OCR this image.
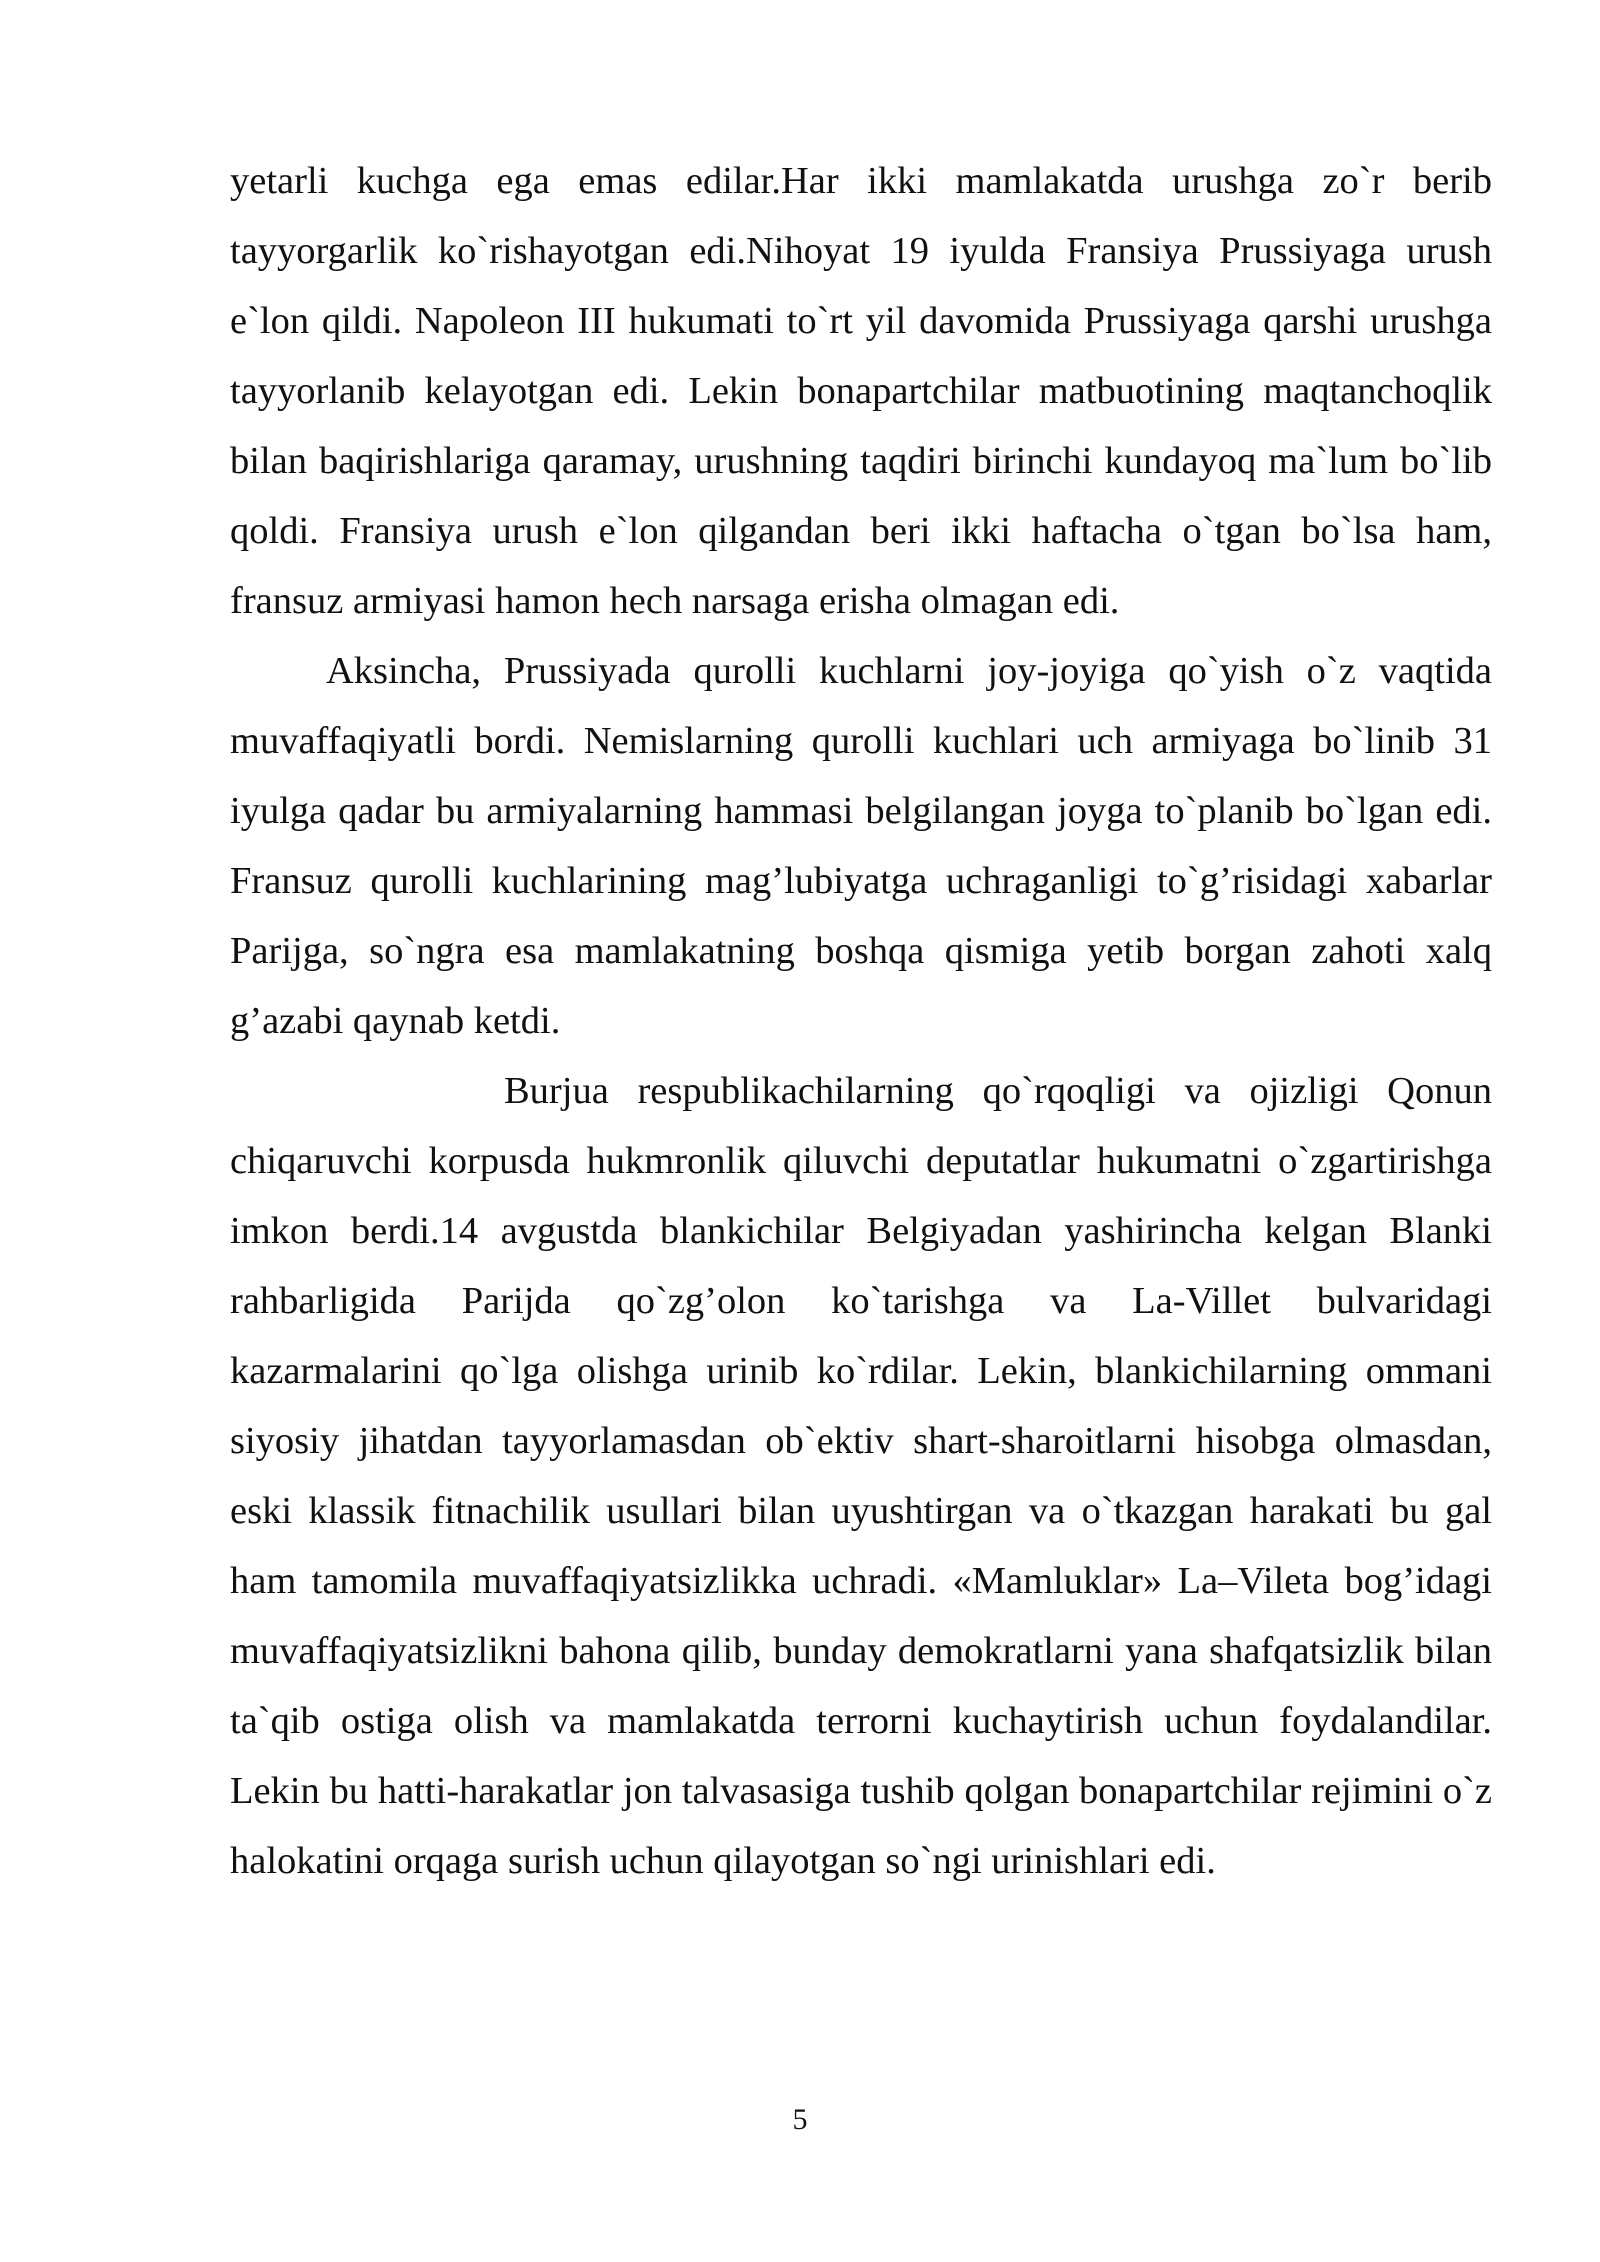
yetarli kuchga ega emas edilar.Har ikki mamlakatda urushga zo`r berib tayyorgarlik ko`rishayotgan edi.Nihoyat 19 iyulda Fransiya Prussiyaga urush e`lon qildi. Napoleon III hukumati to`rt yil davomida Prussiyaga qarshi urushga tayyorlanib kelayotgan edi. Lekin bonapartchilar matbuotining maqtanchoqlik bilan baqirishlariga qaramay, urushning taqdiri birinchi kundayoq ma`lum bo`lib qoldi. Fransiya urush e`lon qilgandan beri ikki haftacha o`tgan bo`lsa ham, fransuz armiyasi hamon hech narsaga erisha olmagan edi.

Aksincha, Prussiyada qurolli kuchlarni joy-joyiga qo`yish o`z vaqtida muvaffaqiyatli bordi. Nemislarning qurolli kuchlari uch armiyaga bo`linib 31 iyulga qadar bu armiyalarning hammasi belgilangan joyga to`planib bo`lgan edi. Fransuz qurolli kuchlarining mag’lubiyatga uchraganligi to`g’risidagi xabarlar Parijga, so`ngra esa mamlakatning boshqa qismiga yetib borgan zahoti xalq g’azabi qaynab ketdi.

Burjua respublikachilarning qo`rqoqligi va ojizligi Qonun chiqaruvchi korpusda hukmronlik qiluvchi deputatlar hukumatni o`zgartirishga imkon berdi.14 avgustda blankichilar Belgiyadan yashirincha kelgan Blanki rahbarligida Parijda qo`zg’olon ko`tarishga va La-Villet bulvaridagi kazarmalarini qo`lga olishga urinib ko`rdilar. Lekin, blankichilarning ommani siyosiy jihatdan tayyorlamasdan ob`ektiv shart-sharoitlarni hisobga olmasdan, eski klassik fitnachilik usullari bilan uyushtirgan va o`tkazgan harakati bu gal ham tamomila muvaffaqiyatsizlikka uchradi. «Mamluklar» La–Vileta bog’idagi muvaffaqiyatsizlikni bahona qilib, bunday demokratlarni yana shafqatsizlik bilan ta`qib ostiga olish va mamlakatda terrorni kuchaytirish uchun foydalandilar. Lekin bu hatti-harakatlar jon talvasasiga tushib qolgan bonapartchilar rejimini o`z halokatini orqaga surish uchun qilayotgan so`ngi urinishlari edi.

5
